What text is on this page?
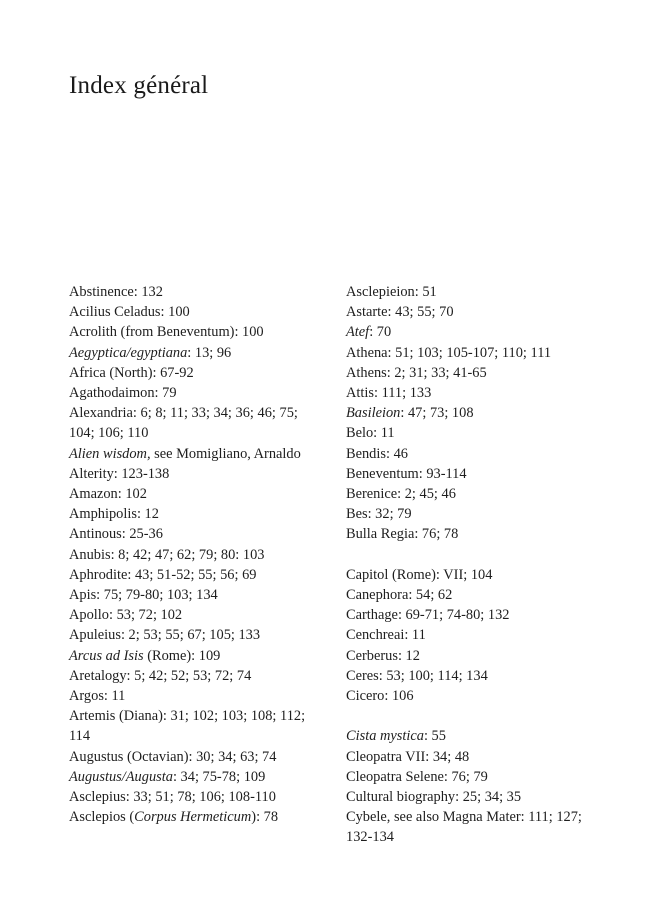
Index général

Abstinence: 132

Acilius Celadus: 100

Acrolith (from Beneventum): 100

Aegyptica/egyptiana: 13; 96

Africa (North): 67-92

Agathodaimon: 79

Alexandria: 6; 8; 11; 33; 34; 36; 46; 75; 104; 106; 110

Alien wisdom, see Momigliano, Arnaldo

Alterity: 123-138

Amazon: 102

Amphipolis: 12

Antinous: 25-36

Anubis: 8; 42; 47; 62; 79; 80: 103

Aphrodite: 43; 51-52; 55; 56; 69

Apis: 75; 79-80; 103; 134

Apollo: 53; 72; 102

Apuleius: 2; 53; 55; 67; 105; 133

Arcus ad Isis (Rome): 109

Aretalogy: 5; 42; 52; 53; 72; 74

Argos: 11

Artemis (Diana): 31; 102; 103; 108; 112; 114

Augustus (Octavian): 30; 34; 63; 74

Augustus/Augusta: 34; 75-78; 109

Asclepius: 33; 51; 78; 106; 108-110

Asclepios (Corpus Hermeticum): 78

Asclepieion: 51

Astarte: 43; 55; 70

Atef: 70

Athena: 51; 103; 105-107; 110; 111

Athens: 2; 31; 33; 41-65

Attis: 111; 133

Basileion: 47; 73; 108

Belo: 11

Bendis: 46

Beneventum: 93-114

Berenice: 2; 45; 46

Bes: 32; 79

Bulla Regia: 76; 78

Capitol (Rome): VII; 104

Canephora: 54; 62

Carthage: 69-71; 74-80; 132

Cenchreai: 11

Cerberus: 12

Ceres: 53; 100; 114; 134

Cicero: 106

Cista mystica: 55

Cleopatra VII: 34; 48

Cleopatra Selene: 76; 79

Cultural biography: 25; 34; 35

Cybele, see also Magna Mater: 111; 127; 132-134
